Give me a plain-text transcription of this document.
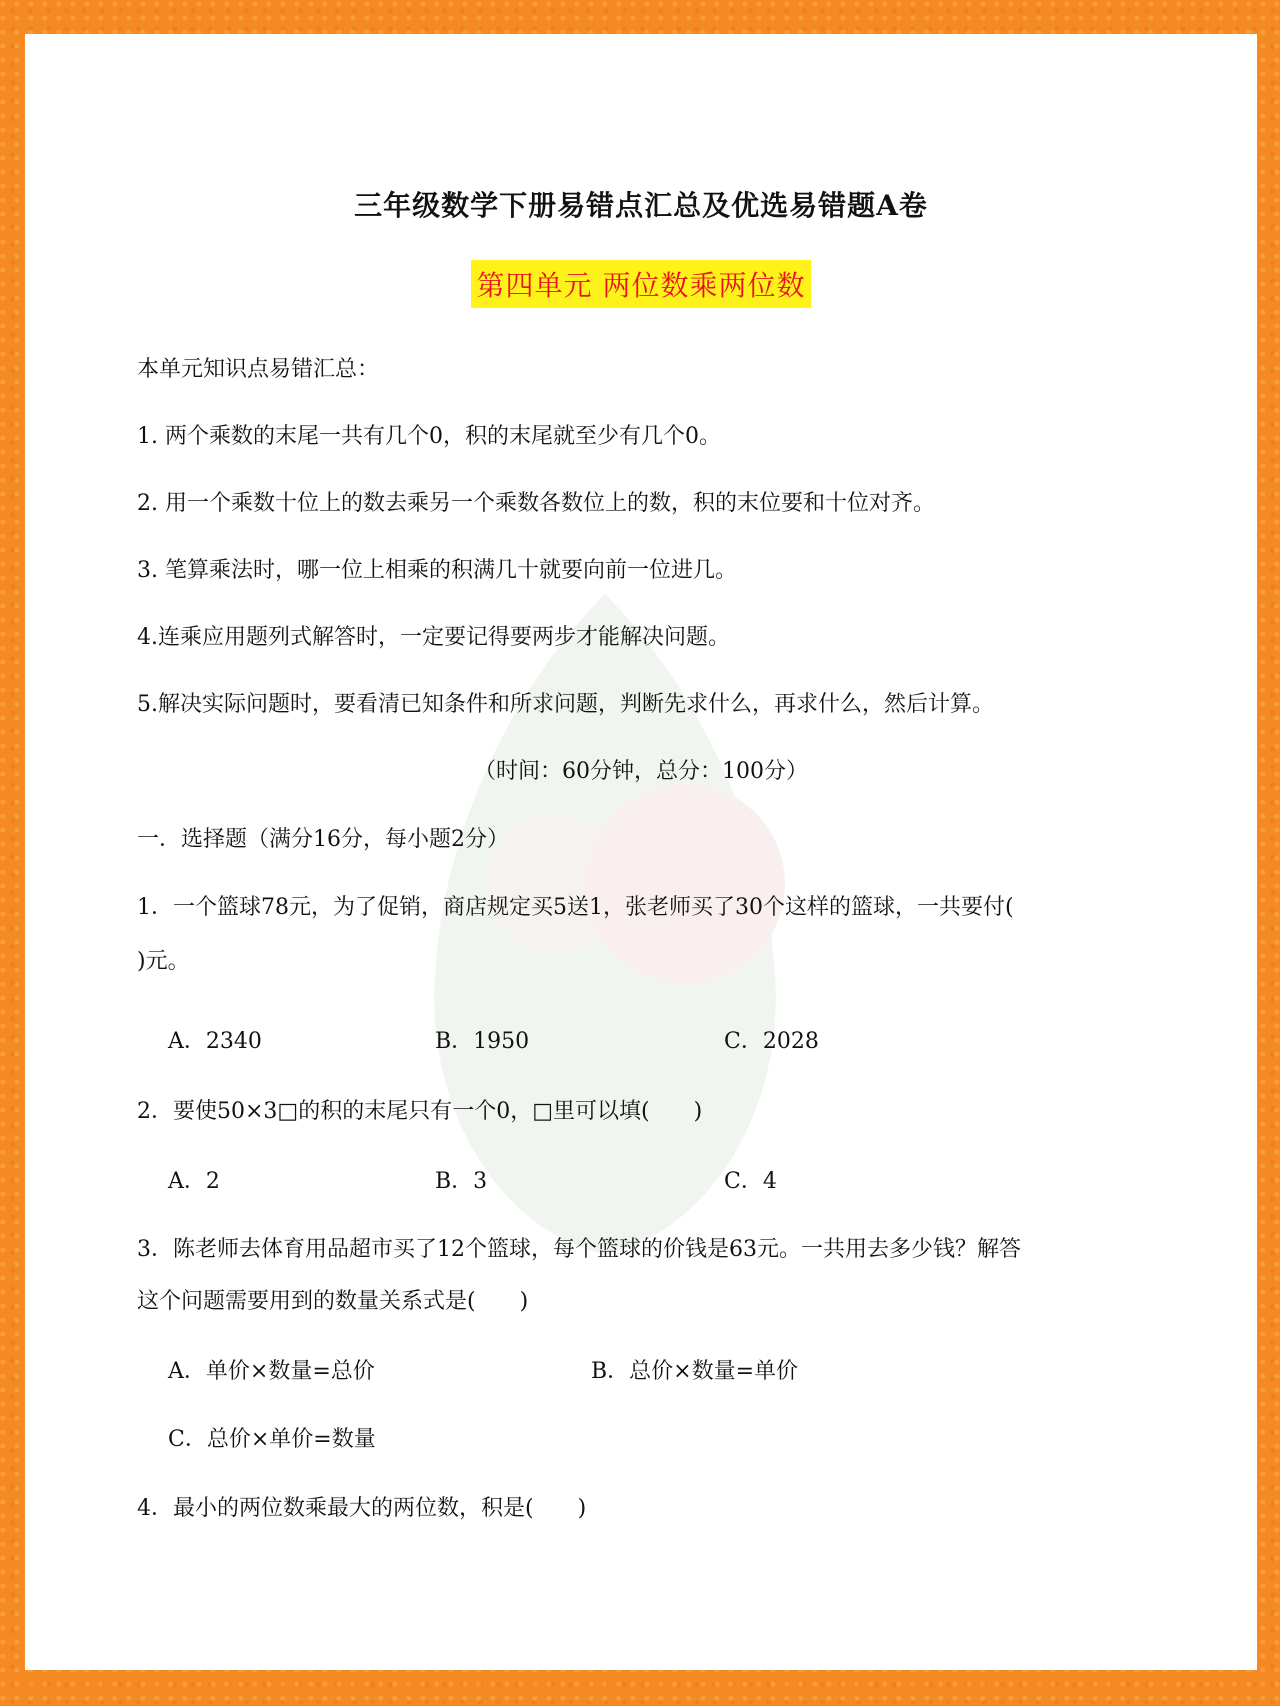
三年级数学下册易错点汇总及优选易错题A卷
第四单元 两位数乘两位数
本单元知识点易错汇总：
1. 两个乘数的末尾一共有几个0，积的末尾就至少有几个0。
2. 用一个乘数十位上的数去乘另一个乘数各数位上的数，积的末位要和十位对齐。
3. 笔算乘法时，哪一位上相乘的积满几十就要向前一位进几。
4.连乘应用题列式解答时，一定要记得要两步才能解决问题。
5.解决实际问题时，要看清已知条件和所求问题，判断先求什么，再求什么，然后计算。
（时间：60分钟，总分：100分）
一．选择题（满分16分，每小题2分）
1．一个篮球78元，为了促销，商店规定买5送1，张老师买了30个这样的篮球，一共要付(
)元。
A．2340	B．1950	C．2028
2．要使50×3□的积的末尾只有一个0，□里可以填(　　)
A．2	B．3	C．4
3．陈老师去体育用品超市买了12个篮球，每个篮球的价钱是63元。一共用去多少钱？解答
这个问题需要用到的数量关系式是(　　)
A．单价×数量=总价	B．总价×数量=单价
C．总价×单价=数量
4．最小的两位数乘最大的两位数，积是(　　)
